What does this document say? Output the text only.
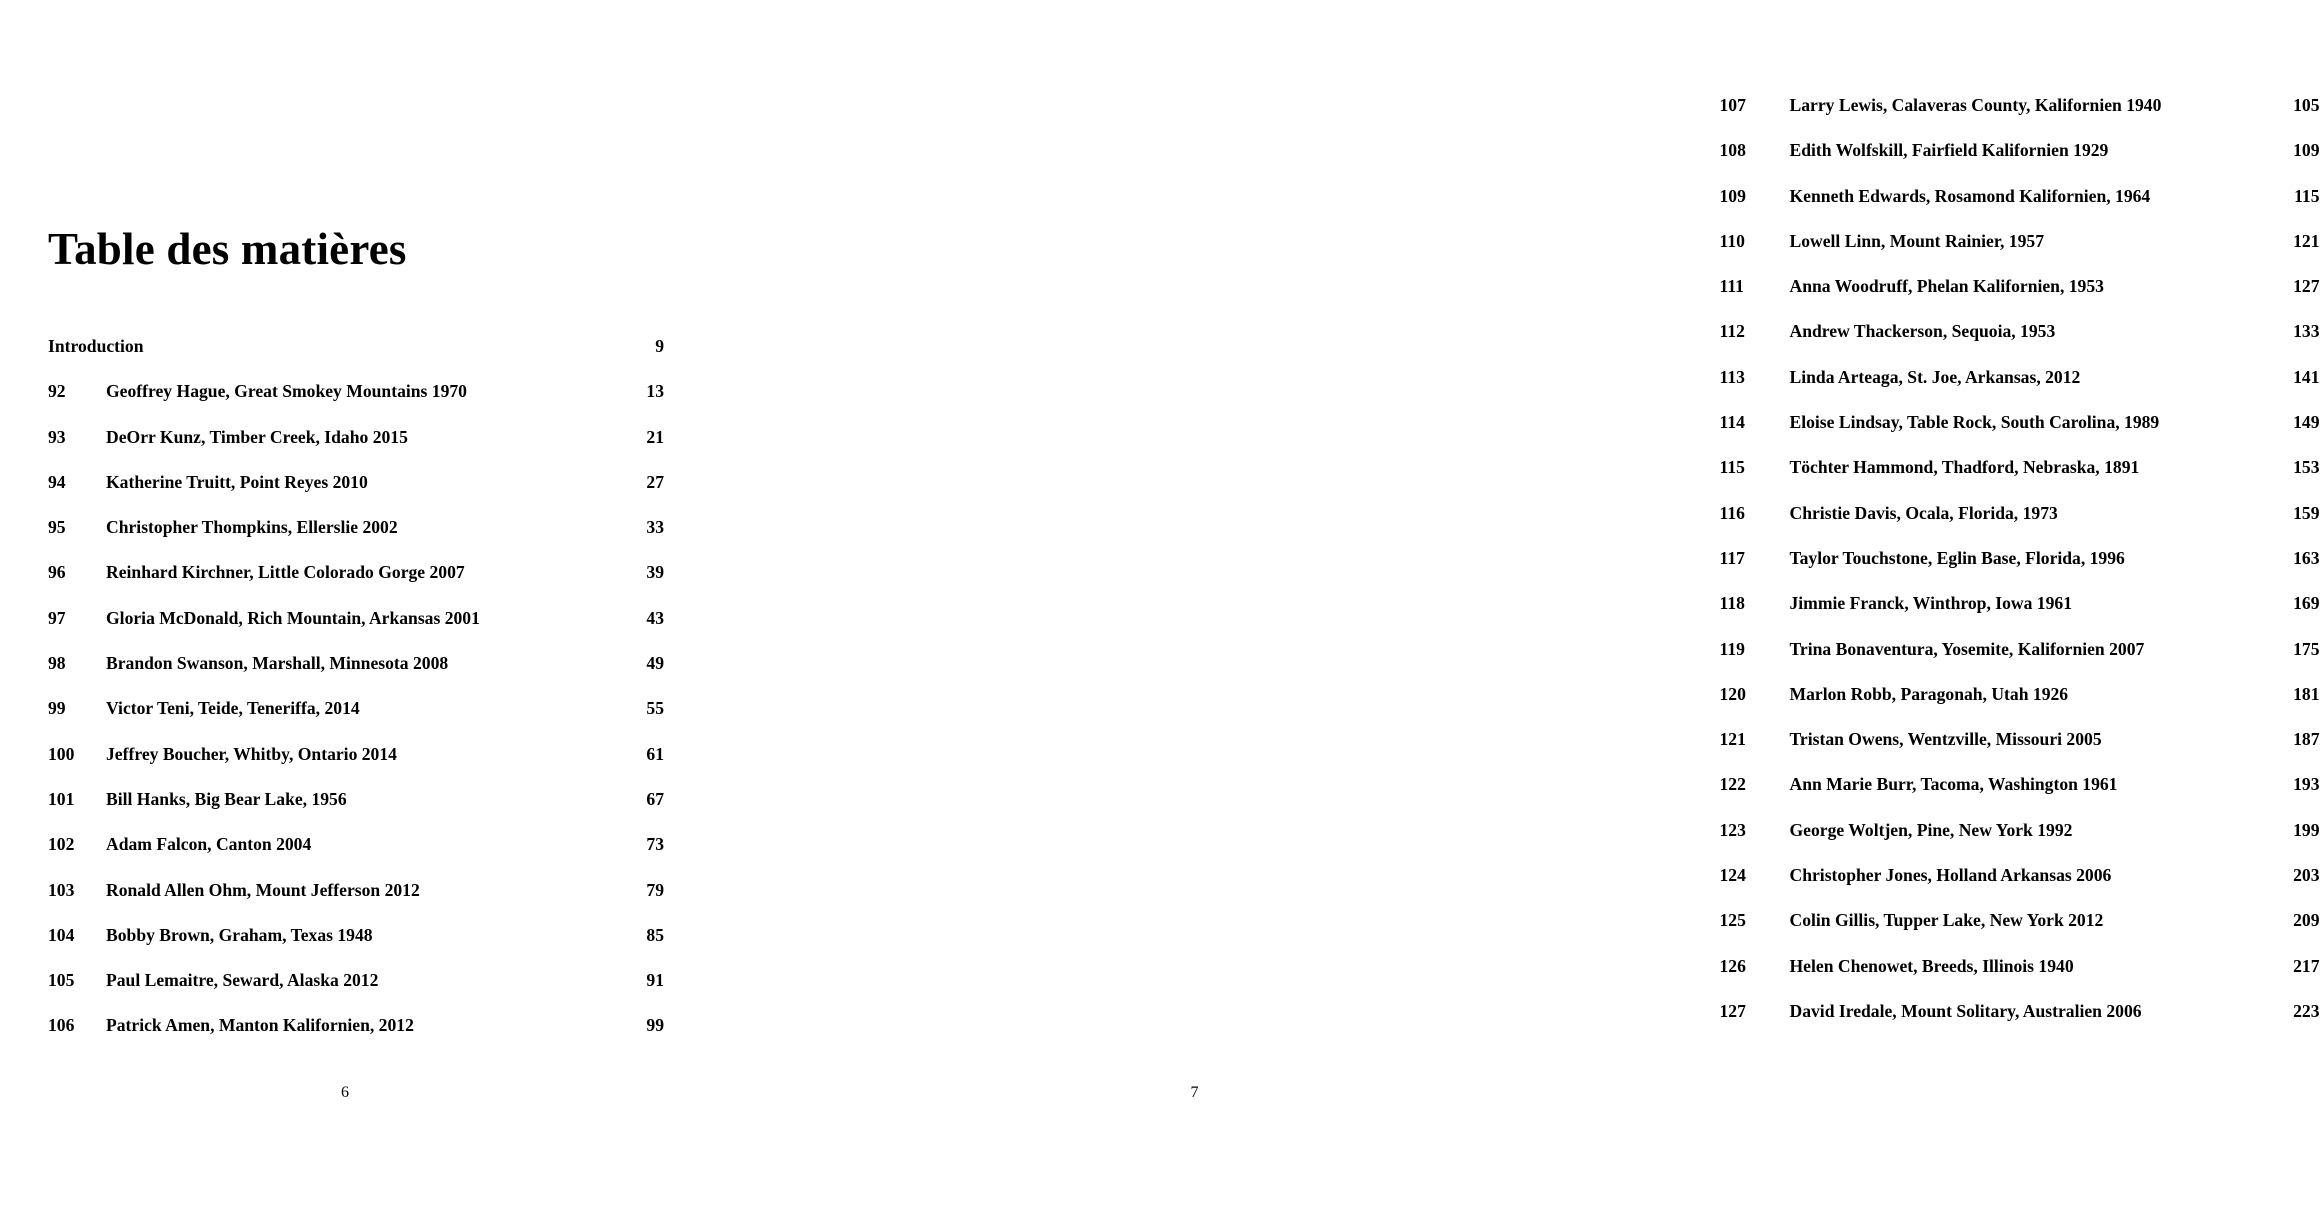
Table des matières
Introduction	9
92	Geoffrey Hague, Great Smokey Mountains 1970	13
93	DeOrr Kunz, Timber Creek, Idaho 2015	21
94	Katherine Truitt, Point Reyes 2010	27
95	Christopher Thompkins, Ellerslie 2002	33
96	Reinhard Kirchner, Little Colorado Gorge 2007	39
97	Gloria McDonald, Rich Mountain, Arkansas 2001	43
98	Brandon Swanson, Marshall, Minnesota 2008	49
99	Victor Teni, Teide, Teneriffa, 2014	55
100	Jeffrey Boucher, Whitby, Ontario 2014	61
101	Bill Hanks, Big Bear Lake, 1956	67
102	Adam Falcon, Canton 2004	73
103	Ronald Allen Ohm, Mount Jefferson 2012	79
104	Bobby Brown, Graham, Texas 1948	85
105	Paul Lemaitre, Seward, Alaska 2012	91
106	Patrick Amen, Manton Kalifornien, 2012	99
6
107	Larry Lewis, Calaveras County, Kalifornien 1940	105
108	Edith Wolfskill, Fairfield Kalifornien 1929	109
109	Kenneth Edwards, Rosamond Kalifornien, 1964	115
110	Lowell Linn, Mount Rainier, 1957	121
111	Anna Woodruff, Phelan Kalifornien, 1953	127
112	Andrew Thackerson, Sequoia, 1953	133
113	Linda Arteaga, St. Joe, Arkansas, 2012	141
114	Eloise Lindsay, Table Rock, South Carolina, 1989	149
115	Töchter Hammond, Thadford, Nebraska, 1891	153
116	Christie Davis, Ocala, Florida, 1973	159
117	Taylor Touchstone, Eglin Base, Florida, 1996	163
118	Jimmie Franck, Winthrop, Iowa 1961	169
119	Trina Bonaventura, Yosemite, Kalifornien 2007	175
120	Marlon Robb, Paragonah, Utah 1926	181
121	Tristan Owens, Wentzville, Missouri 2005	187
122	Ann Marie Burr, Tacoma, Washington 1961	193
123	George Woltjen, Pine, New York 1992	199
124	Christopher Jones, Holland Arkansas 2006	203
125	Colin Gillis, Tupper Lake, New York 2012	209
126	Helen Chenowet, Breeds, Illinois 1940	217
127	David Iredale, Mount Solitary, Australien 2006	223
7
